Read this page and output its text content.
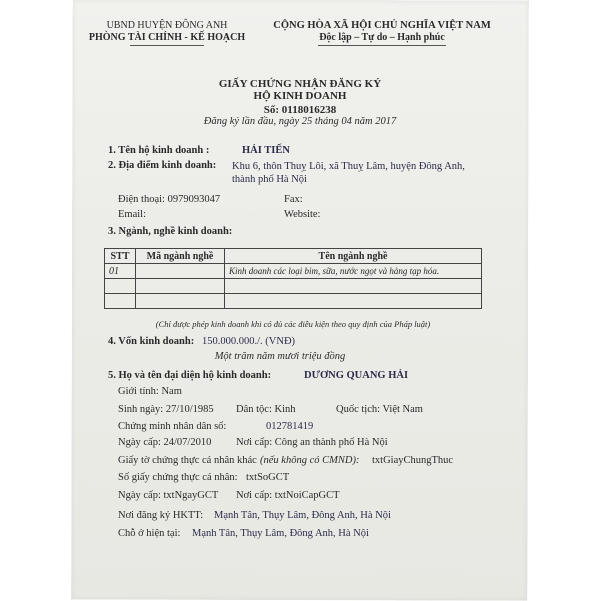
UBND HUYỆN ĐÔNG ANH
PHÒNG TÀI CHÍNH - KẾ HOẠCH
CỘNG HÒA XÃ HỘI CHỦ NGHĨA VIỆT NAM
Độc lập – Tự do – Hạnh phúc
GIẤY CHỨNG NHẬN ĐĂNG KÝ
HỘ KINH DOANH
Số: 0118016238
Đăng ký lần đầu, ngày 25 tháng 04 năm 2017
1. Tên hộ kinh doanh :	HẢI TIẾN
2. Địa điểm kinh doanh: Khu 6, thôn Thuỵ Lôi, xã Thuỵ Lâm, huyện Đông Anh,
thành phố Hà Nội
Điện thoại: 0979093047	Fax:
Email:	Website:
3. Ngành, nghề kinh doanh:
STT	Mã ngành nghề	Tên ngành nghề
01		Kinh doanh các loại bim, sữa, nước ngọt và hàng tạp hóa.

(Chỉ được phép kinh doanh khi có đủ các điều kiện theo quy định của Pháp luật)
4. Vốn kinh doanh: 150.000.000./. (VNĐ)
Một trăm năm mươi triệu đồng
5. Họ và tên đại diện hộ kinh doanh:	DƯƠNG QUANG HẢI
Giới tính: Nam
Sinh ngày: 27/10/1985 Dân tộc: Kinh	Quốc tịch: Việt Nam
Chứng minh nhân dân số:	012781419
Ngày cấp: 24/07/2010 Nơi cấp: Công an thành phố Hà Nội
Giấy tờ chứng thực cá nhân khác (nếu không có CMND): txtGiayChungThuc
Số giấy chứng thực cá nhân: txtSoGCT
Ngày cấp: txtNgayGCT Nơi cấp: txtNoiCapGCT
Nơi đăng ký HKTT: Mạnh Tân, Thụy Lâm, Đông Anh, Hà Nội
Chỗ ở hiện tại: Mạnh Tân, Thụy Lâm, Đông Anh, Hà Nội
